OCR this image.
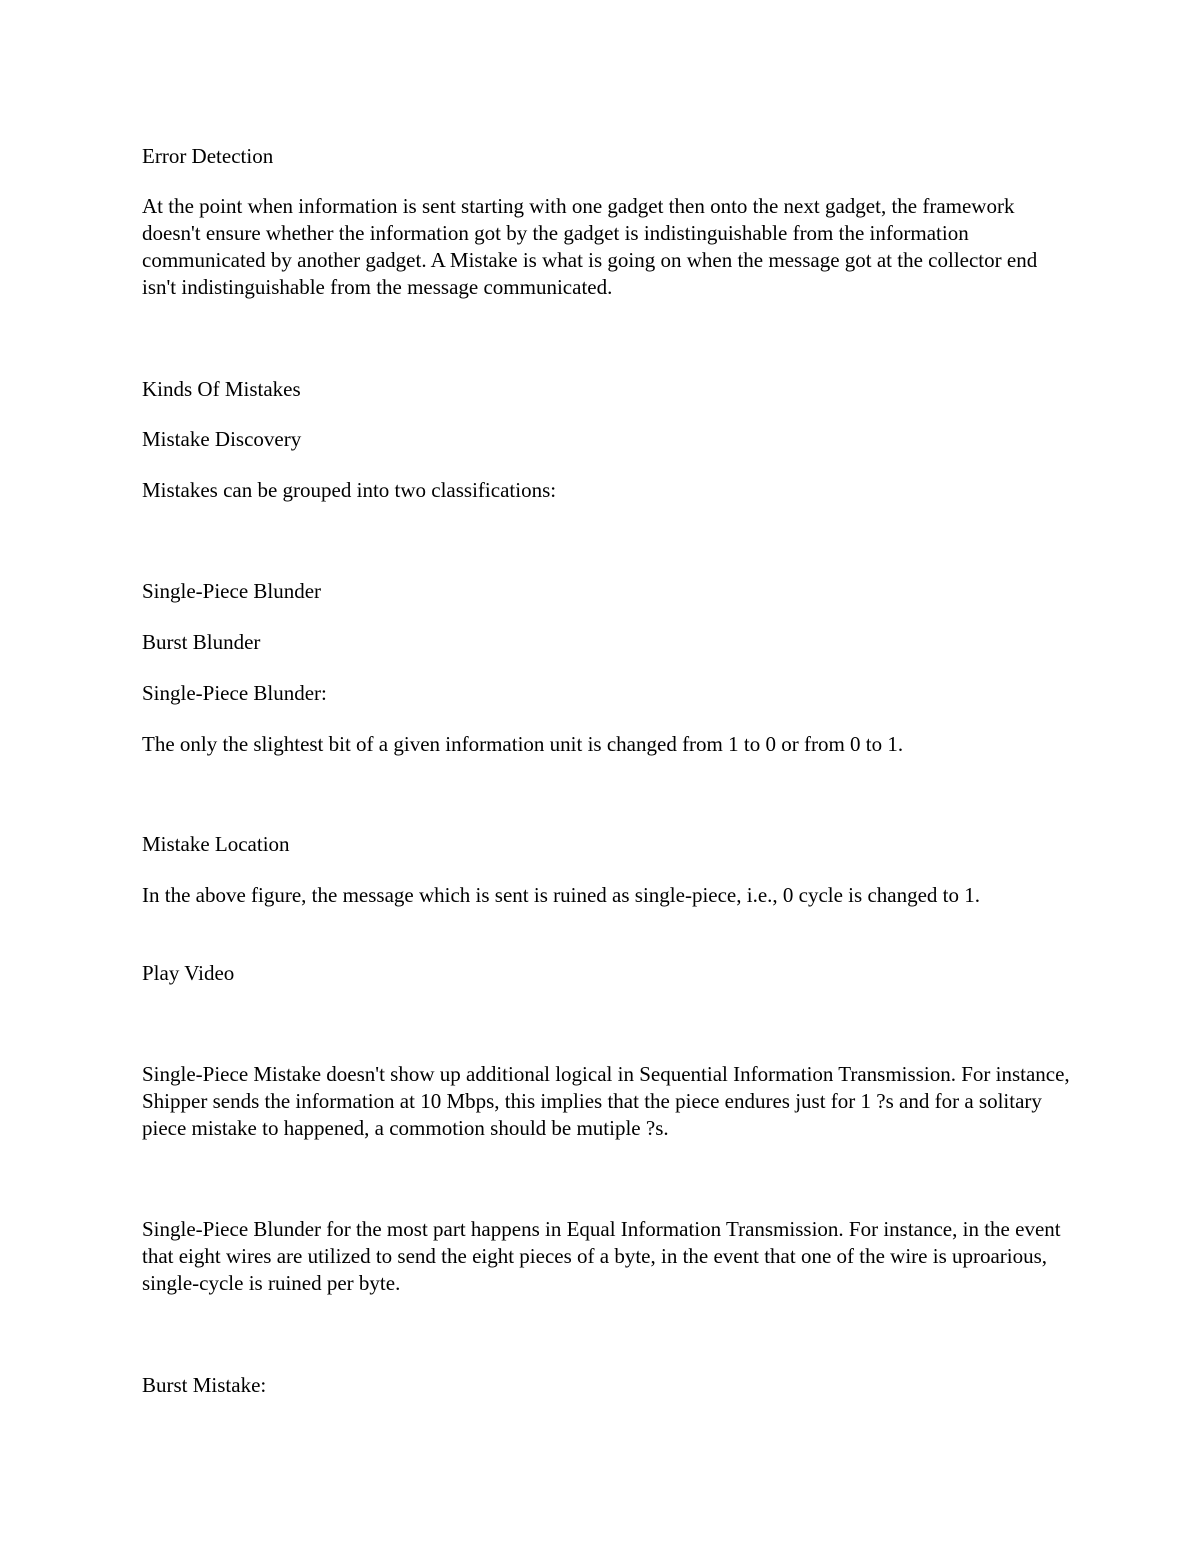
Error Detection

At the point when information is sent starting with one gadget then onto the next gadget, the framework doesn't ensure whether the information got by the gadget is indistinguishable from the information communicated by another gadget. A Mistake is what is going on when the message got at the collector end isn't indistinguishable from the message communicated.

Kinds Of Mistakes

Mistake Discovery

Mistakes can be grouped into two classifications:

Single-Piece Blunder

Burst Blunder

Single-Piece Blunder:

The only the slightest bit of a given information unit is changed from 1 to 0 or from 0 to 1.

Mistake Location

In the above figure, the message which is sent is ruined as single-piece, i.e., 0 cycle is changed to 1.

Play Video

Single-Piece Mistake doesn't show up additional logical in Sequential Information Transmission. For instance, Shipper sends the information at 10 Mbps, this implies that the piece endures just for 1 ?s and for a solitary piece mistake to happened, a commotion should be mutiple ?s.

Single-Piece Blunder for the most part happens in Equal Information Transmission. For instance, in the event that eight wires are utilized to send the eight pieces of a byte, in the event that one of the wire is uproarious, single-cycle is ruined per byte.

Burst Mistake:
